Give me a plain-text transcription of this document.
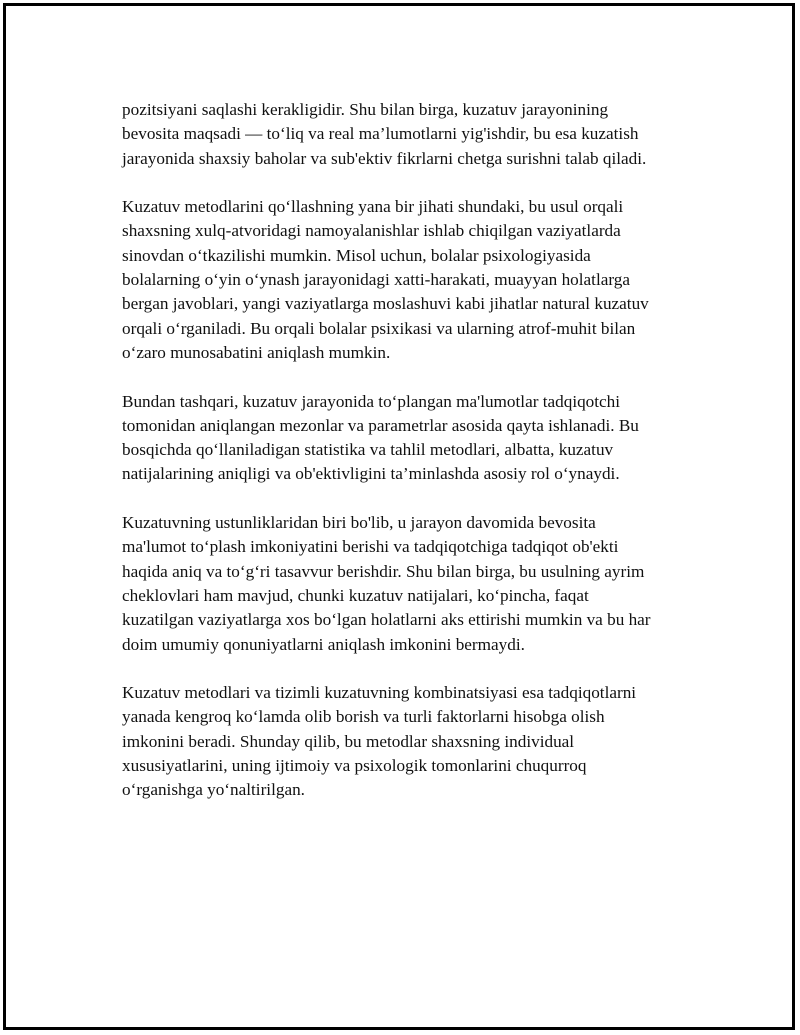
pozitsiyani saqlashi kerakligidir. Shu bilan birga, kuzatuv jarayonining
bevosita maqsadi — to‘liq va real ma’lumotlarni yig'ishdir, bu esa kuzatish
jarayonida shaxsiy baholar va sub'ektiv fikrlarni chetga surishni talab qiladi.

Kuzatuv metodlarini qo‘llashning yana bir jihati shundaki, bu usul orqali
shaxsning xulq-atvoridagi namoyalanishlar ishlab chiqilgan vaziyatlarda
sinovdan o‘tkazilishi mumkin. Misol uchun, bolalar psixologiyasida
bolalarning o‘yin o‘ynash jarayonidagi xatti-harakati, muayyan holatlarga
bergan javoblari, yangi vaziyatlarga moslashuvi kabi jihatlar natural kuzatuv
orqali o‘rganiladi. Bu orqali bolalar psixikasi va ularning atrof-muhit bilan
o‘zaro munosabatini aniqlash mumkin.

Bundan tashqari, kuzatuv jarayonida to‘plangan ma'lumotlar tadqiqotchi
tomonidan aniqlangan mezonlar va parametrlar asosida qayta ishlanadi. Bu
bosqichda qo‘llaniladigan statistika va tahlil metodlari, albatta, kuzatuv
natijalarining aniqligi va ob'ektivligini ta’minlashda asosiy rol o‘ynaydi.

Kuzatuvning ustunliklaridan biri bo'lib, u jarayon davomida bevosita
ma'lumot to‘plash imkoniyatini berishi va tadqiqotchiga tadqiqot ob'ekti
haqida aniq va to‘g‘ri tasavvur berishdir. Shu bilan birga, bu usulning ayrim
cheklovlari ham mavjud, chunki kuzatuv natijalari, ko‘pincha, faqat
kuzatilgan vaziyatlarga xos bo‘lgan holatlarni aks ettirishi mumkin va bu har
doim umumiy qonuniyatlarni aniqlash imkonini bermaydi.

Kuzatuv metodlari va tizimli kuzatuvning kombinatsiyasi esa tadqiqotlarni
yanada kengroq ko‘lamda olib borish va turli faktorlarni hisobga olish
imkonini beradi. Shunday qilib, bu metodlar shaxsning individual
xususiyatlarini, uning ijtimoiy va psixologik tomonlarini chuqurroq
o‘rganishga yo‘naltirilgan.
